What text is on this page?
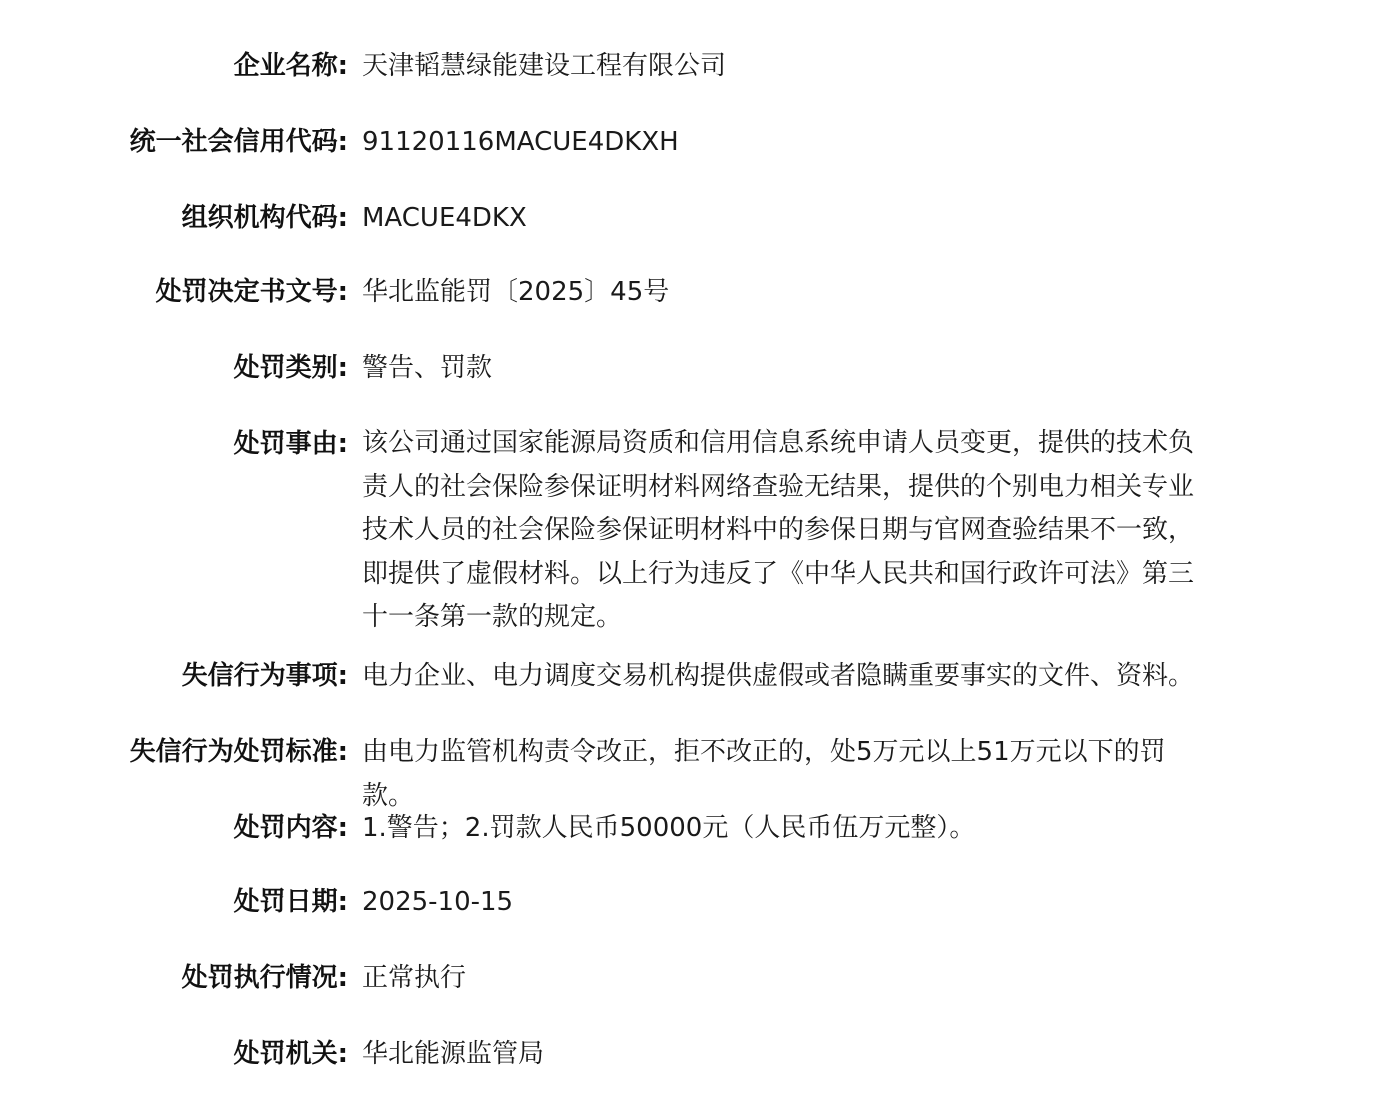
企业名称: 天津韬慧绿能建设工程有限公司
统一社会信用代码: 91120116MACUE4DKXH
组织机构代码: MACUE4DKX
处罚决定书文号: 华北监能罚〔2025〕45号
处罚类别: 警告、罚款
处罚事由: 该公司通过国家能源局资质和信用信息系统申请人员变更，提供的技术负责人的社会保险参保证明材料网络查验无结果，提供的个别电力相关专业技术人员的社会保险参保证明材料中的参保日期与官网查验结果不一致，即提供了虚假材料。以上行为违反了《中华人民共和国行政许可法》第三十一条第一款的规定。
失信行为事项: 电力企业、电力调度交易机构提供虚假或者隐瞒重要事实的文件、资料。
失信行为处罚标准: 由电力监管机构责令改正，拒不改正的，处5万元以上51万元以下的罚款。
处罚内容: 1.警告；2.罚款人民币50000元（人民币伍万元整）。
处罚日期: 2025-10-15
处罚执行情况: 正常执行
处罚机关: 华北能源监管局
